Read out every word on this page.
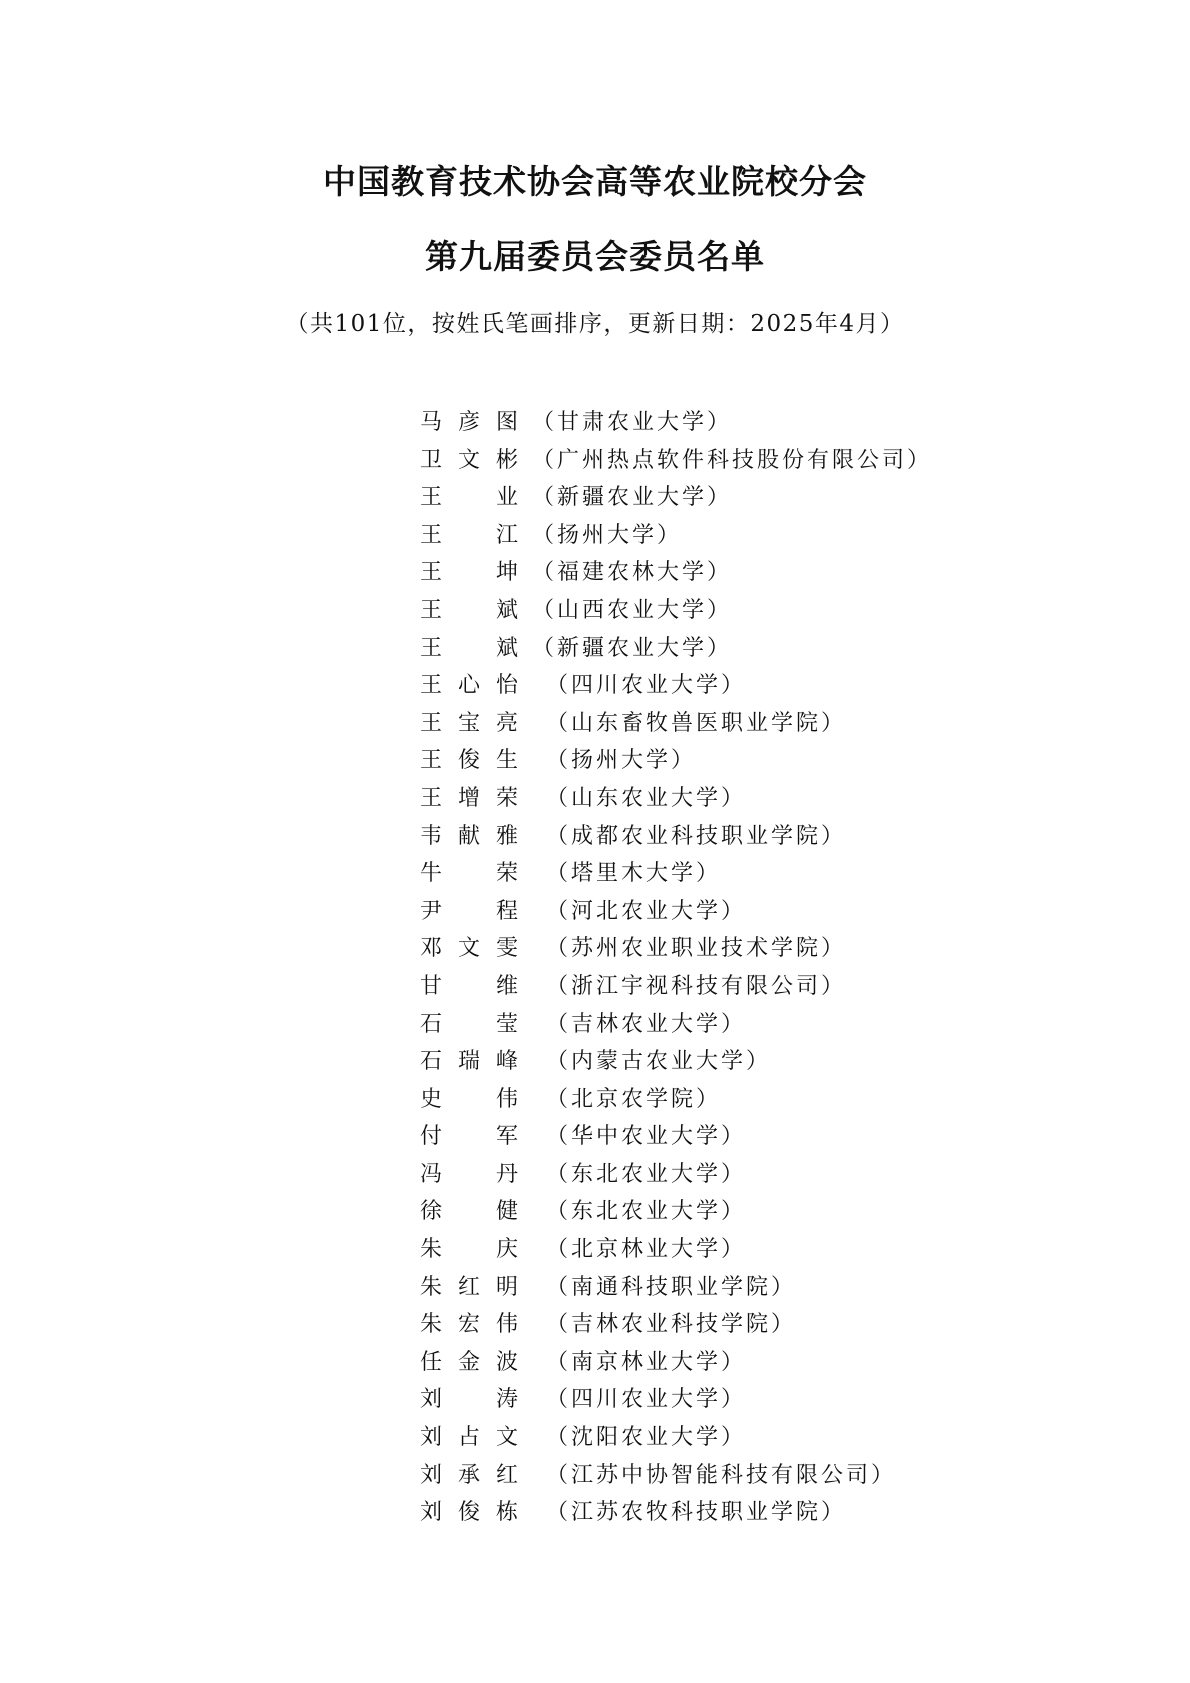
中国教育技术协会高等农业院校分会
第九届委员会委员名单
（共101位，按姓氏笔画排序，更新日期：2025年4月）
马彦图 （甘肃农业大学）
卫文彬 （广州热点软件科技股份有限公司）
王　业 （新疆农业大学）
王　江 （扬州大学）
王　坤 （福建农林大学）
王　斌 （山西农业大学）
王　斌 （新疆农业大学）
王心怡 （四川农业大学）
王宝亮 （山东畜牧兽医职业学院）
王俊生 （扬州大学）
王增荣 （山东农业大学）
韦献雅 （成都农业科技职业学院）
牛　荣 （塔里木大学）
尹　程 （河北农业大学）
邓文雯 （苏州农业职业技术学院）
甘　维 （浙江宇视科技有限公司）
石　莹 （吉林农业大学）
石瑞峰 （内蒙古农业大学）
史　伟 （北京农学院）
付　军 （华中农业大学）
冯　丹 （东北农业大学）
徐　健 （东北农业大学）
朱　庆 （北京林业大学）
朱红明 （南通科技职业学院）
朱宏伟 （吉林农业科技学院）
任金波 （南京林业大学）
刘　涛 （四川农业大学）
刘占文 （沈阳农业大学）
刘承红 （江苏中协智能科技有限公司）
刘俊栋 （江苏农牧科技职业学院）
